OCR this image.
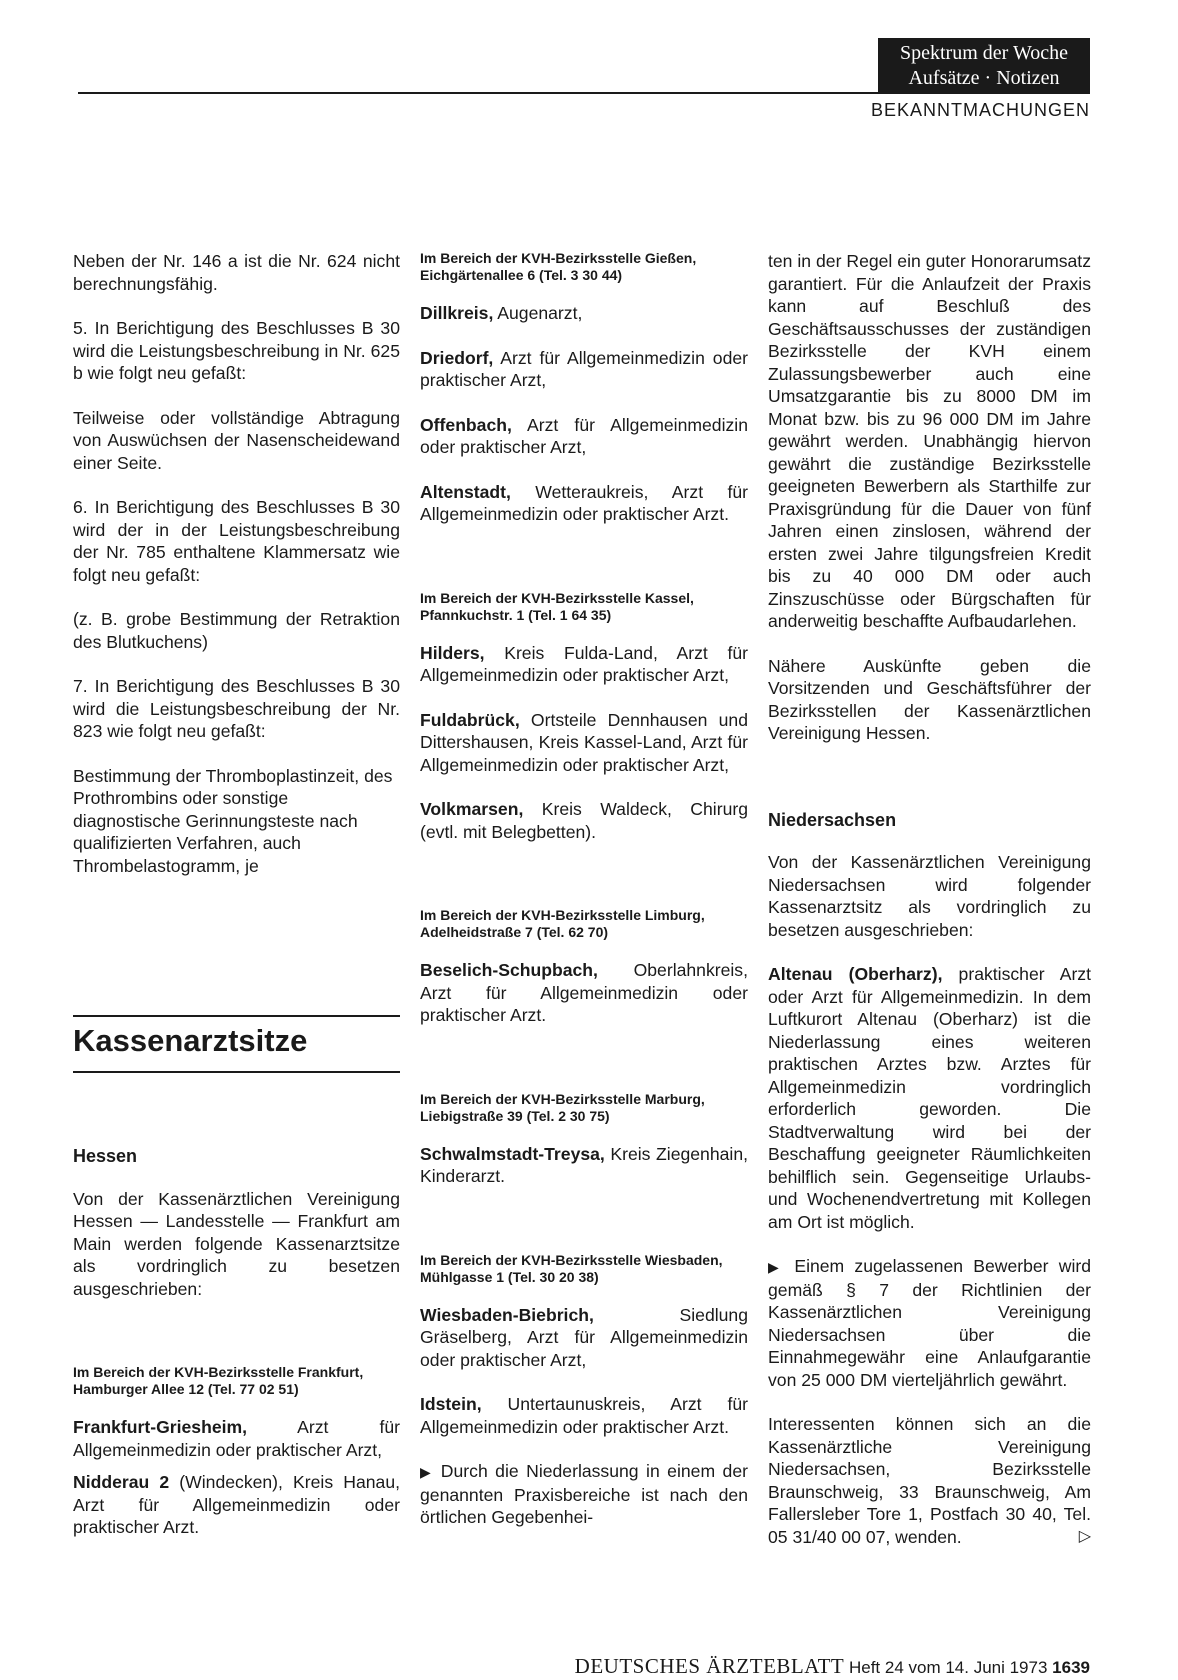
Spektrum der Woche
Aufsätze · Notizen
BEKANNTMACHUNGEN

Neben der Nr. 146 a ist die Nr. 624 nicht berechnungsfähig.

5. In Berichtigung des Beschlusses B 30 wird die Leistungsbeschreibung in Nr. 625 b wie folgt neu gefaßt:

Teilweise oder vollständige Abtragung von Auswüchsen der Nasenscheidewand einer Seite.

6. In Berichtigung des Beschlusses B 30 wird der in der Leistungsbeschreibung der Nr. 785 enthaltene Klammersatz wie folgt neu gefaßt:

(z. B. grobe Bestimmung der Retraktion des Blutkuchens)

7. In Berichtigung des Beschlusses B 30 wird die Leistungsbeschreibung der Nr. 823 wie folgt neu gefaßt:

Bestimmung der Thromboplastinzeit, des Prothrombins oder sonstige diagnostische Gerinnungsteste nach qualifizierten Verfahren, auch Thrombelastogramm, je

Kassenarztsitze
Hessen

Von der Kassenärztlichen Vereinigung Hessen — Landesstelle — Frankfurt am Main werden folgende Kassenarztsitze als vordringlich zu besetzen ausgeschrieben:

Im Bereich der KVH-Bezirksstelle Frankfurt, Hamburger Allee 12 (Tel. 77 02 51)

Frankfurt-Griesheim, Arzt für Allgemeinmedizin oder praktischer Arzt,

Nidderau 2 (Windecken), Kreis Hanau, Arzt für Allgemeinmedizin oder praktischer Arzt.

Im Bereich der KVH-Bezirksstelle Gießen, Eichgärtenallee 6 (Tel. 3 30 44)

Dillkreis, Augenarzt,

Driedorf, Arzt für Allgemeinmedizin oder praktischer Arzt,

Offenbach, Arzt für Allgemeinmedizin oder praktischer Arzt,

Altenstadt, Wetteraukreis, Arzt für Allgemeinmedizin oder praktischer Arzt.

Im Bereich der KVH-Bezirksstelle Kassel, Pfannkuchstr. 1 (Tel. 1 64 35)

Hilders, Kreis Fulda-Land, Arzt für Allgemeinmedizin oder praktischer Arzt,

Fuldabrück, Ortsteile Dennhausen und Dittershausen, Kreis Kassel-Land, Arzt für Allgemeinmedizin oder praktischer Arzt,

Volkmarsen, Kreis Waldeck, Chirurg (evtl. mit Belegbetten).

Im Bereich der KVH-Bezirksstelle Limburg, Adelheidstraße 7 (Tel. 62 70)

Beselich-Schupbach, Oberlahnkreis, Arzt für Allgemeinmedizin oder praktischer Arzt.

Im Bereich der KVH-Bezirksstelle Marburg, Liebigstraße 39 (Tel. 2 30 75)

Schwalmstadt-Treysa, Kreis Ziegenhain, Kinderarzt.

Im Bereich der KVH-Bezirksstelle Wiesbaden, Mühlgasse 1 (Tel. 30 20 38)

Wiesbaden-Biebrich, Siedlung Gräselberg, Arzt für Allgemeinmedizin oder praktischer Arzt,

Idstein, Untertaunuskreis, Arzt für Allgemeinmedizin oder praktischer Arzt.

▶ Durch die Niederlassung in einem der genannten Praxisbereiche ist nach den örtlichen Gegebenhei-

ten in der Regel ein guter Honorarumsatz garantiert. Für die Anlaufzeit der Praxis kann auf Beschluß des Geschäftsausschusses der zuständigen Bezirksstelle der KVH einem Zulassungsbewerber auch eine Umsatzgarantie bis zu 8000 DM im Monat bzw. bis zu 96 000 DM im Jahre gewährt werden. Unabhängig hiervon gewährt die zuständige Bezirksstelle geeigneten Bewerbern als Starthilfe zur Praxisgründung für die Dauer von fünf Jahren einen zinslosen, während der ersten zwei Jahre tilgungsfreien Kredit bis zu 40 000 DM oder auch Zinszuschüsse oder Bürgschaften für anderweitig beschaffte Aufbaudarlehen.

Nähere Auskünfte geben die Vorsitzenden und Geschäftsführer der Bezirksstellen der Kassenärztlichen Vereinigung Hessen.

Niedersachsen

Von der Kassenärztlichen Vereinigung Niedersachsen wird folgender Kassenarztsitz als vordringlich zu besetzen ausgeschrieben:

Altenau (Oberharz), praktischer Arzt oder Arzt für Allgemeinmedizin. In dem Luftkurort Altenau (Oberharz) ist die Niederlassung eines weiteren praktischen Arztes bzw. Arztes für Allgemeinmedizin vordringlich erforderlich geworden. Die Stadtverwaltung wird bei der Beschaffung geeigneter Räumlichkeiten behilflich sein. Gegenseitige Urlaubs- und Wochenendvertretung mit Kollegen am Ort ist möglich.

▶ Einem zugelassenen Bewerber wird gemäß § 7 der Richtlinien der Kassenärztlichen Vereinigung Niedersachsen über die Einnahmegewähr eine Anlaufgarantie von 25 000 DM vierteljährlich gewährt.

Interessenten können sich an die Kassenärztliche Vereinigung Niedersachsen, Bezirksstelle Braunschweig, 33 Braunschweig, Am Fallersleber Tore 1, Postfach 30 40, Tel. 05 31/40 00 07, wenden.	▷

DEUTSCHES ÄRZTEBLATT Heft 24 vom 14. Juni 1973 1639
